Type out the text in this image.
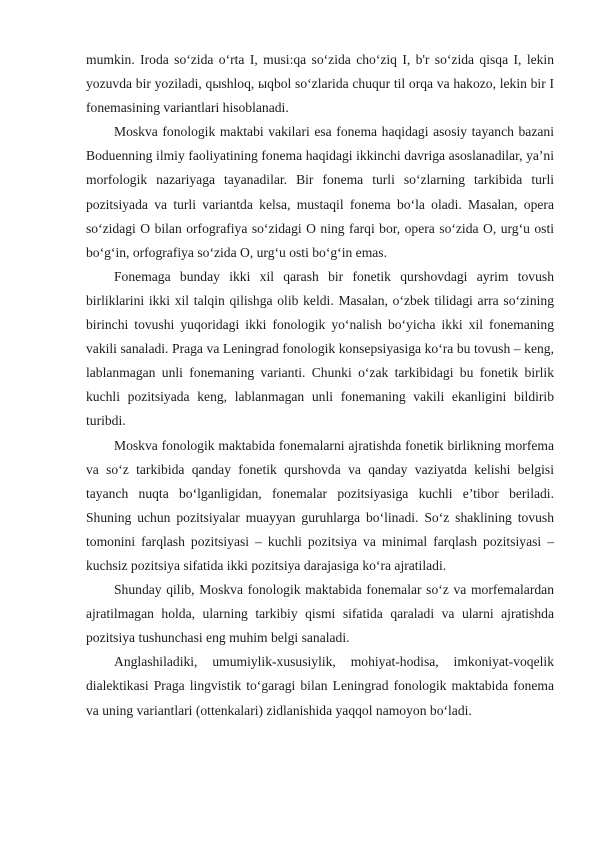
mumkin. Iroda so‘zida o‘rta I, musi:qa so‘zida cho‘ziq I, b'r so‘zida qisqa I, lekin yozuvda bir yoziladi, qыshloq, ыqbol so‘zlarida chuqur til orqa va hakozo, lekin bir I fonemasining variantlari hisoblanadi.

Moskva fonologik maktabi vakilari esa fonema haqidagi asosiy tayanch bazani Boduenning ilmiy faoliyatining fonema haqidagi ikkinchi davriga asoslanadilar, ya’ni morfologik nazariyaga tayanadilar. Bir fonema turli so‘zlarning tarkibida turli pozitsiyada va turli variantda kelsa, mustaqil fonema bo‘la oladi. Masalan, opera so‘zidagi O bilan orfografiya so‘zidagi O ning farqi bor, opera so‘zida O, urg‘u osti bo‘g‘in, orfografiya so‘zida O, urg‘u osti bo‘g‘in emas.

Fonemaga bunday ikki xil qarash bir fonetik qurshovdagi ayrim tovush birliklarini ikki xil talqin qilishga olib keldi. Masalan, o‘zbek tilidagi arra so‘zining birinchi tovushi yuqoridagi ikki fonologik yo‘nalish bo‘yicha ikki xil fonemaning vakili sanaladi. Praga va Leningrad fonologik konsepsiyasiga ko‘ra bu tovush – keng, lablanmagan unli fonemaning varianti. Chunki o‘zak tarkibidagi bu fonetik birlik kuchli pozitsiyada keng, lablanmagan unli fonemaning vakili ekanligini bildirib turibdi.

Moskva fonologik maktabida fonemalarni ajratishda fonetik birlikning morfema va so‘z tarkibida qanday fonetik qurshovda va qanday vaziyatda kelishi belgisi tayanch nuqta bo‘lganligidan, fonemalar pozitsiyasiga kuchli e’tibor beriladi. Shuning uchun pozitsiyalar muayyan guruhlarga bo‘linadi. So‘z shaklining tovush tomonini farqlash pozitsiyasi – kuchli pozitsiya va minimal farqlash pozitsiyasi – kuchsiz pozitsiya sifatida ikki pozitsiya darajasiga ko‘ra ajratiladi.

Shunday qilib, Moskva fonologik maktabida fonemalar so‘z va morfemalardan ajratilmagan holda, ularning tarkibiy qismi sifatida qaraladi va ularni ajratishda pozitsiya tushunchasi eng muhim belgi sanaladi.

Anglashiladiki, umumiylik-xususiylik, mohiyat-hodisa, imkoniyat-voqelik dialektikasi Praga lingvistik to‘garagi bilan Leningrad fonologik maktabida fonema va uning variantlari (ottenkalari) zidlanishida yaqqol namoyon bo‘ladi.
